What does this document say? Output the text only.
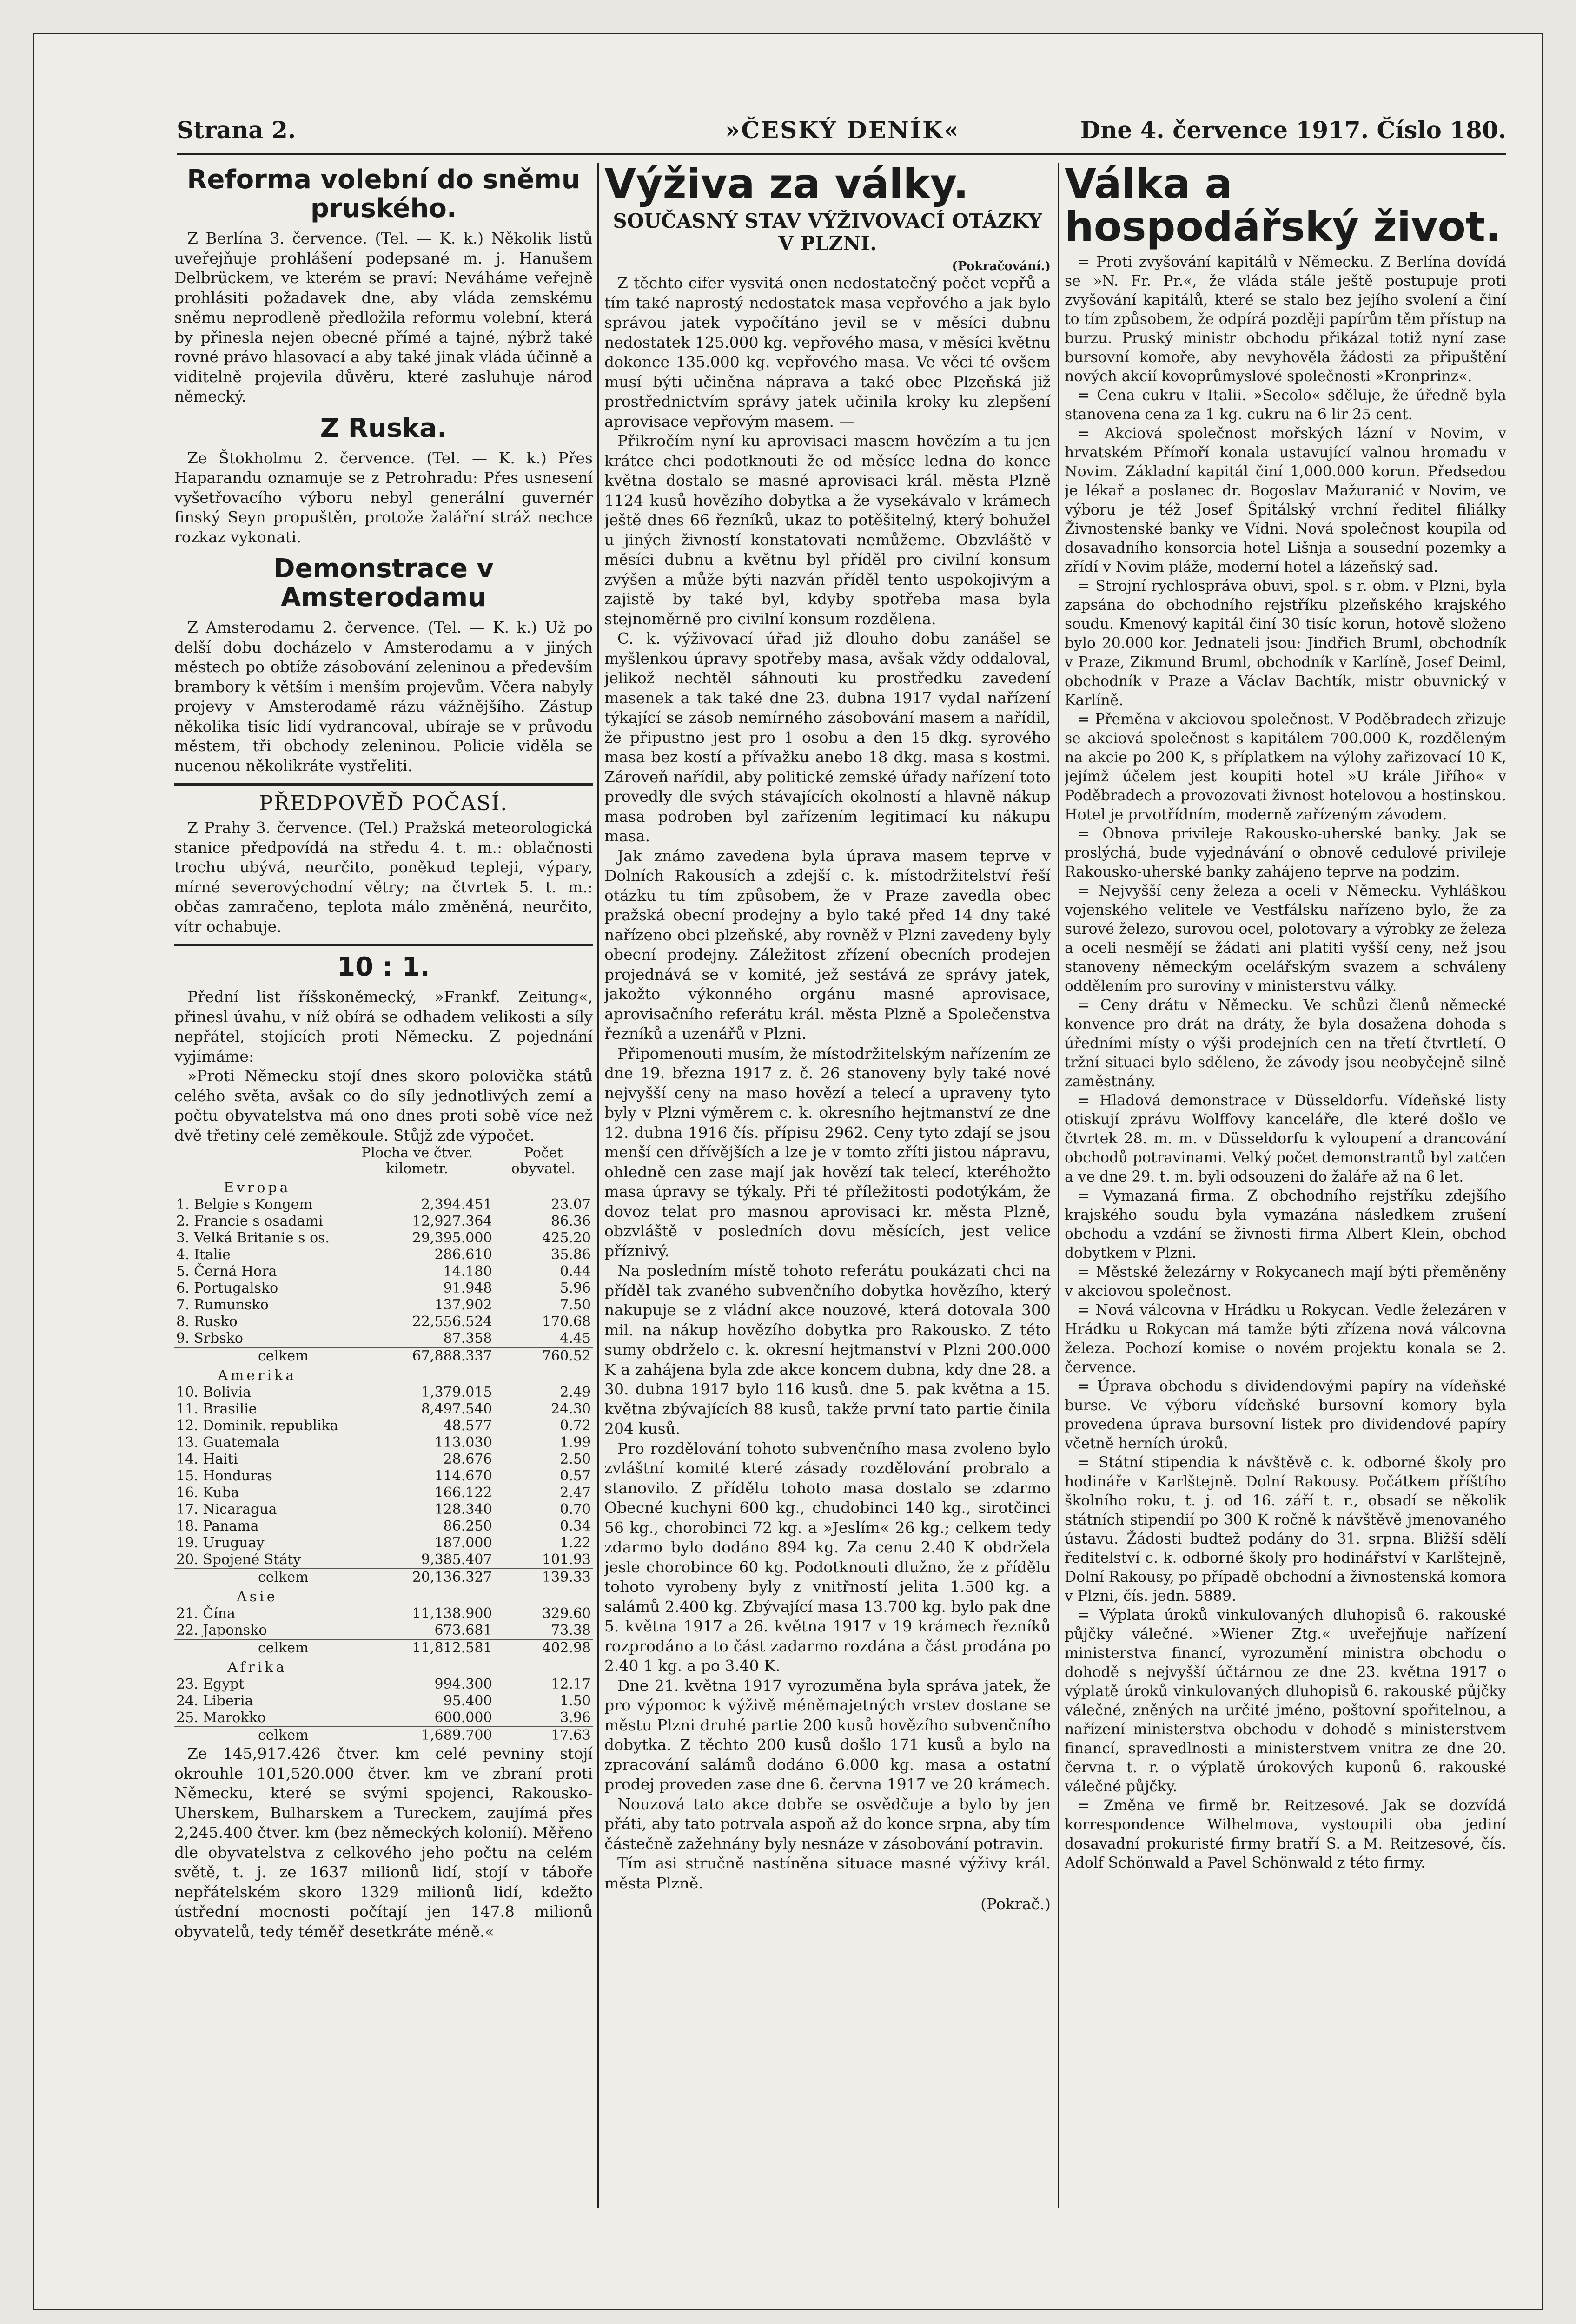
Strana 2.	»ČESKÝ DENÍK«	Dne 4. července 1917. Číslo 180.
Reforma volební do sněmu pruského.

Z Berlína 3. července. (Tel. — K. k.) Několik listů uveřejňuje prohlášení podepsané m. j. Hanušem Delbrückem, ve kterém se praví: Neváháme veřejně prohlásiti požadavek dne, aby vláda zemskému sněmu neprodleně předložila reformu volební, která by přinesla nejen obecné přímé a tajné, nýbrž také rovné právo hlasovací a aby také jinak vláda účinně a viditelně projevila důvěru, které zasluhuje národ německý.

Z Ruska.

Ze Štokholmu 2. července. (Tel. — K. k.) Přes Haparandu oznamuje se z Petrohradu: Přes usnesení vyšetřovacího výboru nebyl generální guvernér finský Seyn propuštěn, protože žalářní stráž nechce rozkaz vykonati.

Demonstrace v Amsterodamu

Z Amsterodamu 2. července. (Tel. — K. k.) Už po delší dobu docházelo v Amsterodamu a v jiných městech po obtíže zásobování zeleninou a především brambory k větším i menším projevům. Včera nabyly projevy v Amsterodamě rázu vážnějšího. Zástup několika tisíc lidí vydrancoval, ubíraje se v průvodu městem, tři obchody zeleninou. Policie viděla se nucenou několikráte vystřeliti.

PŘEDPOVĚĎ POČASÍ.

Z Prahy 3. července. (Tel.) Pražská meteorologická stanice předpovídá na středu 4. t. m.: oblačnosti trochu ubývá, neurčito, poněkud tepleji, výpary, mírné severovýchodní větry; na čtvrtek 5. t. m.: občas zamračeno, teplota málo změněná, neurčito, vítr ochabuje.

10 : 1.

Přední list říšskoněmecký, »Frankf. Zeitung«, přinesl úvahu, v níž obírá se odhadem velikosti a síly nepřátel, stojících proti Německu. Z pojednání vyjímáme:

»Proti Německu stojí dnes skoro polovička států celého světa, avšak co do síly jednotlivých zemí a počtu obyvatelstva má ono dnes proti sobě více než dvě třetiny celé zeměkoule. Stůjž zde výpočet.

	Plocha ve čtver. kilometr.	Počet obyvatel.
Evropa		
1. Belgie s Kongem	2,394.451	23.07
2. Francie s osadami	12,927.364	86.36
3. Velká Britanie s os.	29,395.000	425.20
4. Italie	286.610	35.86
5. Černá Hora	14.180	0.44
6. Portugalsko	91.948	5.96
7. Rumunsko	137.902	7.50
8. Rusko	22,556.524	170.68
9. Srbsko	87.358	4.45
celkem	67,888.337	760.52
Amerika		
10. Bolivia	1,379.015	2.49
11. Brasilie	8,497.540	24.30
12. Dominik. republika	48.577	0.72
13. Guatemala	113.030	1.99
14. Haiti	28.676	2.50
15. Honduras	114.670	0.57
16. Kuba	166.122	2.47
17. Nicaragua	128.340	0.70
18. Panama	86.250	0.34
19. Uruguay	187.000	1.22
20. Spojené Státy	9,385.407	101.93
celkem	20,136.327	139.33
Asie		
21. Čína	11,138.900	329.60
22. Japonsko	673.681	73.38
celkem	11,812.581	402.98
Afrika		
23. Egypt	994.300	12.17
24. Liberia	95.400	1.50
25. Marokko	600.000	3.96
celkem	1,689.700	17.63

Ze 145,917.426 čtver. km celé pevniny stojí okrouhle 101,520.000 čtver. km ve zbraní proti Německu, které se svými spojenci, Rakousko-Uherskem, Bulharskem a Tureckem, zaujímá přes 2,245.400 čtver. km (bez německých kolonií). Měřeno dle obyvatelstva z celkového jeho počtu na celém světě, t. j. ze 1637 milionů lidí, stojí v táboře nepřátelském skoro 1329 milionů lidí, kdežto ústřední mocnosti počítají jen 147.8 milionů obyvatelů, tedy téměř desetkráte méně.«

Výživa za války.
SOUČASNÝ STAV VÝŽIVOVACÍ OTÁZKY V PLZNI.
(Pokračování.)

Z těchto cifer vysvitá onen nedostatečný počet vepřů a tím také naprostý nedostatek masa vepřového a jak bylo správou jatek vypočítáno jevil se v měsíci dubnu nedostatek 125.000 kg. vepřového masa, v měsíci květnu dokonce 135.000 kg. vepřového masa. Ve věci té ovšem musí býti učiněna náprava a také obec Plzeňská již prostřednictvím správy jatek učinila kroky ku zlepšení aprovisace vepřovým masem. —

Přikročím nyní ku aprovisaci masem hovězím a tu jen krátce chci podotknouti že od měsíce ledna do konce května dostalo se masné aprovisaci král. města Plzně 1124 kusů hovězího dobytka a že vysekávalo v krámech ještě dnes 66 řezníků, ukaz to potěšitelný, který bohužel u jiných živností konstatovati nemůžeme. Obzvláště v měsíci dubnu a květnu byl příděl pro civilní konsum zvýšen a může býti nazván příděl tento uspokojivým a zajistě by také byl, kdyby spotřeba masa byla stejnoměrně pro civilní konsum rozdělena.

C. k. výživovací úřad již dlouho dobu zanášel se myšlenkou úpravy spotřeby masa, avšak vždy oddaloval, jelikož nechtěl sáhnouti ku prostředku zavedení masenek a tak také dne 23. dubna 1917 vydal nařízení týkající se zásob nemírného zásobování masem a nařídil, že připustno jest pro 1 osobu a den 15 dkg. syrového masa bez kostí a přívažku anebo 18 dkg. masa s kostmi. Zároveň nařídil, aby politické zemské úřady nařízení toto provedly dle svých stávajících okolností a hlavně nákup masa podroben byl zařízením legitimací ku nákupu masa.

Jak známo zavedena byla úprava masem teprve v Dolních Rakousích a zdejší c. k. místodržitelství řeší otázku tu tím způsobem, že v Praze zavedla obec pražská obecní prodejny a bylo také před 14 dny také nařízeno obci plzeňské, aby rovněž v Plzni zavedeny byly obecní prodejny. Záležitost zřízení obecních prodejen projednává se v komité, jež sestává ze správy jatek, jakožto výkonného orgánu masné aprovisace, aprovisačního referátu král. města Plzně a Společenstva řezníků a uzenářů v Plzni.

Připomenouti musím, že místodržitelským nařízením ze dne 19. března 1917 z. č. 26 stanoveny byly také nové nejvyšší ceny na maso hovězí a telecí a upraveny tyto byly v Plzni výměrem c. k. okresního hejtmanství ze dne 12. dubna 1916 čís. přípisu 2962. Ceny tyto zdají se jsou menší cen dřívějších a lze je v tomto zříti jistou nápravu, ohledně cen zase mají jak hovězí tak telecí, kteréhožto masa úpravy se týkaly. Při té příležitosti podotýkám, že dovoz telat pro masnou aprovisaci kr. města Plzně, obzvláště v posledních dovu měsících, jest velice příznivý.

Na posledním místě tohoto referátu poukázati chci na příděl tak zvaného subvenčního dobytka hovězího, který nakupuje se z vládní akce nouzové, která dotovala 300 mil. na nákup hovězího dobytka pro Rakousko. Z této sumy obdrželo c. k. okresní hejtmanství v Plzni 200.000 K a zahájena byla zde akce koncem dubna, kdy dne 28. a 30. dubna 1917 bylo 116 kusů. dne 5. pak května a 15. května zbývajících 88 kusů, takže první tato partie činila 204 kusů.

Pro rozdělování tohoto subvenčního masa zvoleno bylo zvláštní komité které zásady rozdělování probralo a stanovilo. Z přídělu tohoto masa dostalo se zdarmo Obecné kuchyni 600 kg., chudobinci 140 kg., sirotčinci 56 kg., chorobinci 72 kg. a »Jeslím« 26 kg.; celkem tedy zdarmo bylo dodáno 894 kg. Za cenu 2.40 K obdržela jesle chorobince 60 kg. Podotknouti dlužno, že z přídělu tohoto vyrobeny byly z vnitřností jelita 1.500 kg. a salámů 2.400 kg. Zbývající masa 13.700 kg. bylo pak dne 5. května 1917 a 26. května 1917 v 19 krámech řezníků rozprodáno a to část zadarmo rozdána a část prodána po 2.40 1 kg. a po 3.40 K.

Dne 21. května 1917 vyrozuměna byla správa jatek, že pro výpomoc k výživě méněmajetných vrstev dostane se městu Plzni druhé partie 200 kusů hovězího subvenčního dobytka. Z těchto 200 kusů došlo 171 kusů a bylo na zpracování salámů dodáno 6.000 kg. masa a ostatní prodej proveden zase dne 6. června 1917 ve 20 krámech.

Nouzová tato akce dobře se osvědčuje a bylo by jen přáti, aby tato potrvala aspoň až do konce srpna, aby tím částečně zažehnány byly nesnáze v zásobování potravin.

Tím asi stručně nastíněna situace masné výživy král. města Plzně.

(Pokrač.)
Válka a hospodářský život.

= Proti zvyšování kapitálů v Německu. Z Berlína dovídá se »N. Fr. Pr.«, že vláda stále ještě postupuje proti zvyšování kapitálů, které se stalo bez jejího svolení a činí to tím způsobem, že odpírá později papírům těm přístup na burzu. Pruský ministr obchodu přikázal totiž nyní zase bursovní komoře, aby nevyhověla žádosti za připuštění nových akcií kovoprůmyslové společnosti »Kronprinz«.

= Cena cukru v Italii. »Secolo« sděluje, že úředně byla stanovena cena za 1 kg. cukru na 6 lir 25 cent.

= Akciová společnost mořských lázní v Novim, v hrvatském Přímoří konala ustavující valnou hromadu v Novim. Základní kapitál činí 1,000.000 korun. Předsedou je lékař a poslanec dr. Bogoslav Mažuranić v Novim, ve výboru je též Josef Špitálský vrchní ředitel filiálky Živnostenské banky ve Vídni. Nová společnost koupila od dosavadního konsorcia hotel Lišnja a sousední pozemky a zřídí v Novim pláže, moderní hotel a lázeňský sad.

= Strojní rychlospráva obuvi, spol. s r. obm. v Plzni, byla zapsána do obchodního rejstříku plzeňského krajského soudu. Kmenový kapitál činí 30 tisíc korun, hotově složeno bylo 20.000 kor. Jednateli jsou: Jindřich Bruml, obchodník v Praze, Zikmund Bruml, obchodník v Karlíně, Josef Deiml, obchodník v Praze a Václav Bachtík, mistr obuvnický v Karlíně.

= Přeměna v akciovou společnost. V Poděbradech zřizuje se akciová společnost s kapitálem 700.000 K, rozděleným na akcie po 200 K, s příplatkem na výlohy zařizovací 10 K, jejímž účelem jest koupiti hotel »U krále Jiřího« v Poděbradech a provozovati živnost hotelovou a hostinskou. Hotel je prvotřídním, moderně zařízeným závodem.

= Obnova privileje Rakousko-uherské banky. Jak se proslýchá, bude vyjednávání o obnově cedulové privileje Rakousko-uherské banky zahájeno teprve na podzim.

= Nejvyšší ceny železa a oceli v Německu. Vyhláškou vojenského velitele ve Vestfálsku nařízeno bylo, že za surové železo, surovou ocel, polotovary a výrobky ze železa a oceli nesmějí se žádati ani platiti vyšší ceny, než jsou stanoveny německým ocelářským svazem a schváleny oddělením pro suroviny v ministerstvu války.

= Ceny drátu v Německu. Ve schůzi členů německé konvence pro drát na dráty, že byla dosažena dohoda s úředními místy o výši prodejních cen na třetí čtvrtletí. O tržní situaci bylo sděleno, že závody jsou neobyčejně silně zaměstnány.

= Hladová demonstrace v Düsseldorfu. Vídeňské listy otiskují zprávu Wolffovy kanceláře, dle které došlo ve čtvrtek 28. m. m. v Düsseldorfu k vyloupení a drancování obchodů potravinami. Velký počet demonstrantů byl zatčen a ve dne 29. t. m. byli odsouzeni do žaláře až na 6 let.

= Vymazaná firma. Z obchodního rejstříku zdejšího krajského soudu byla vymazána následkem zrušení obchodu a vzdání se živnosti firma Albert Klein, obchod dobytkem v Plzni.

= Městské železárny v Rokycanech mají býti přeměněny v akciovou společnost.

= Nová válcovna v Hrádku u Rokycan. Vedle železáren v Hrádku u Rokycan má tamže býti zřízena nová válcovna železa. Pochozí komise o novém projektu konala se 2. července.

= Úprava obchodu s dividendovými papíry na vídeňské burse. Ve výboru vídeňské bursovní komory byla provedena úprava bursovní listek pro dividendové papíry včetně herních úroků.

= Státní stipendia k návštěvě c. k. odborné školy pro hodináře v Karlštejně. Dolní Rakousy. Počátkem příštího školního roku, t. j. od 16. září t. r., obsadí se několik státních stipendií po 300 K ročně k návštěvě jmenovaného ústavu. Žádosti budtež podány do 31. srpna. Bližší sdělí ředitelství c. k. odborné školy pro hodinářství v Karlštejně, Dolní Rakousy, po případě obchodní a živnostenská komora v Plzni, čís. jedn. 5889.

= Výplata úroků vinkulovaných dluhopisů 6. rakouské půjčky válečné. »Wiener Ztg.« uveřejňuje nařízení ministerstva financí, vyrozumění ministra obchodu o dohodě s nejvyšší účtárnou ze dne 23. května 1917 o výplatě úroků vinkulovaných dluhopisů 6. rakouské půjčky válečné, zněných na určité jméno, poštovní spořitelnou, a nařízení ministerstva obchodu v dohodě s ministerstvem financí, spravedlnosti a ministerstvem vnitra ze dne 20. června t. r. o výplatě úrokových kuponů 6. rakouské válečné půjčky.

= Změna ve firmě br. Reitzesové. Jak se dozvídá korrespondence Wilhelmova, vystoupili oba jediní dosavadní prokuristé firmy bratří S. a M. Reitzesové, čís. Adolf Schönwald a Pavel Schönwald z této firmy.
